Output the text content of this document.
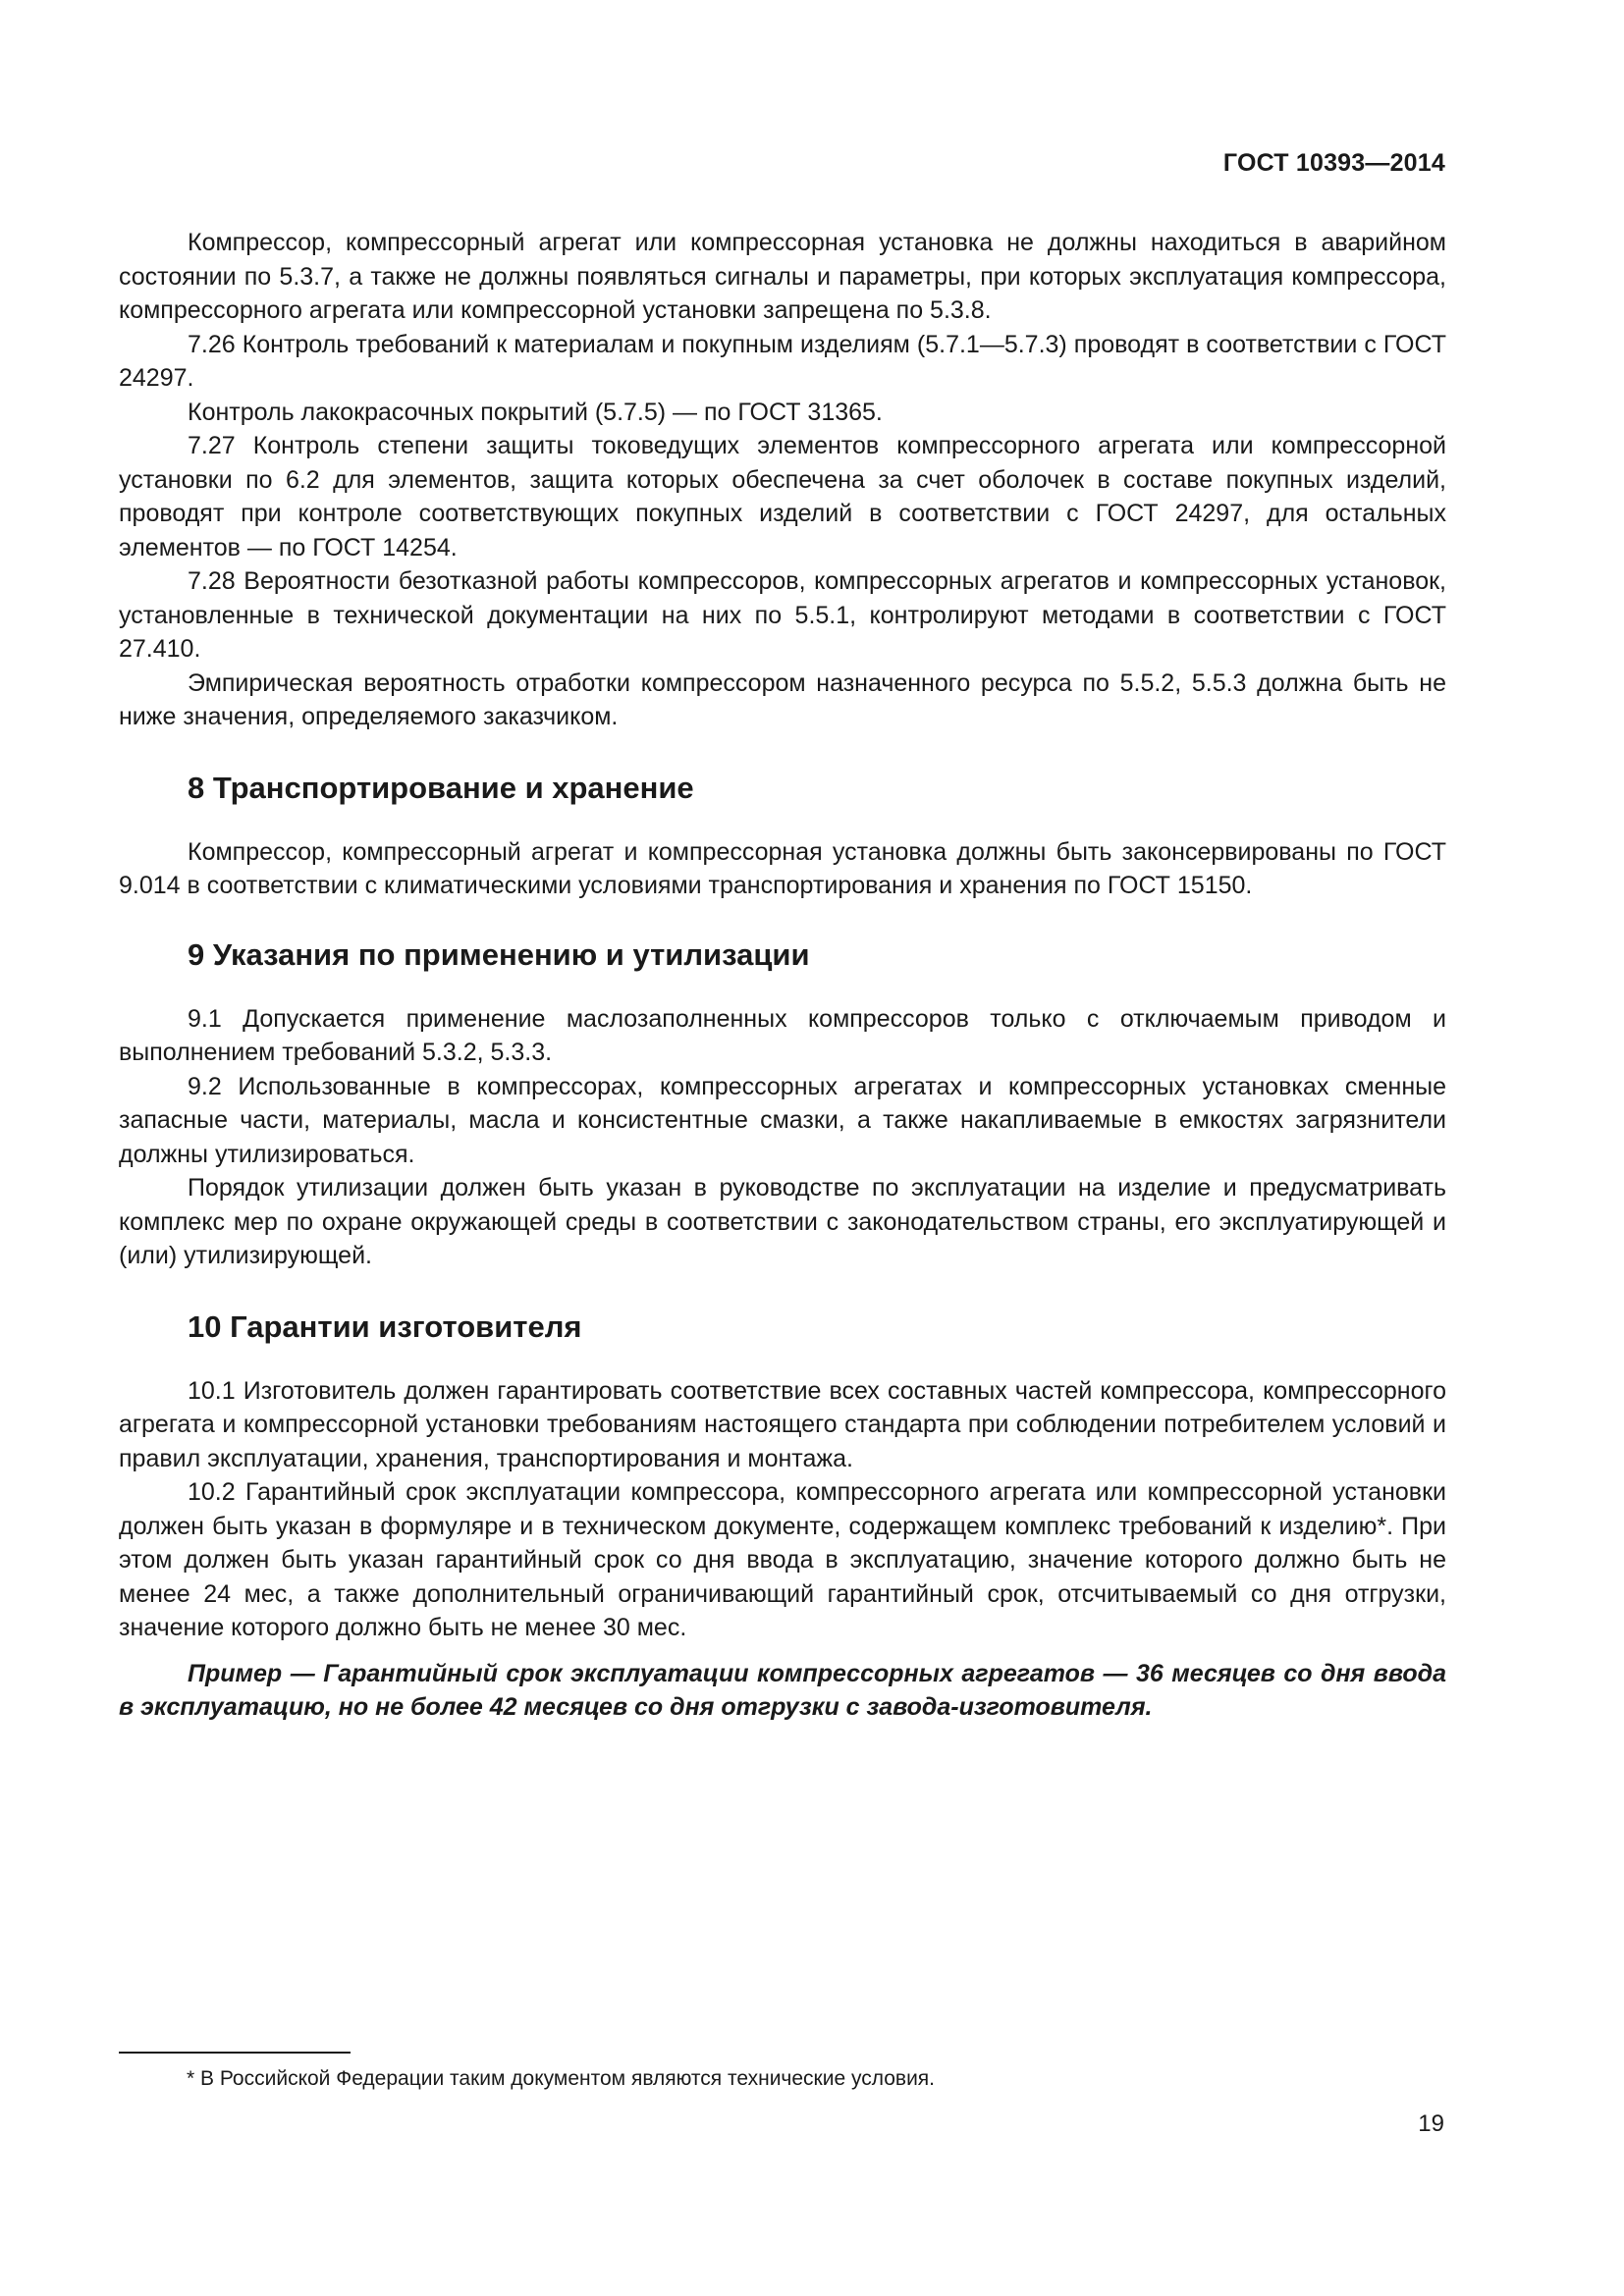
ГОСТ 10393—2014

Компрессор, компрессорный агрегат или компрессорная установка не должны находиться в аварийном состоянии по 5.3.7, а также не должны появляться сигналы и параметры, при которых эксплуатация компрессора, компрессорного агрегата или компрессорной установки запрещена по 5.3.8.

7.26 Контроль требований к материалам и покупным изделиям (5.7.1—5.7.3) проводят в соответствии с ГОСТ 24297.

Контроль лакокрасочных покрытий (5.7.5) — по ГОСТ 31365.

7.27 Контроль степени защиты токоведущих элементов компрессорного агрегата или компрессорной установки по 6.2 для элементов, защита которых обеспечена за счет оболочек в составе покупных изделий, проводят при контроле соответствующих покупных изделий в соответствии с ГОСТ 24297, для остальных элементов — по ГОСТ 14254.

7.28 Вероятности безотказной работы компрессоров, компрессорных агрегатов и компрессорных установок, установленные в технической документации на них по 5.5.1, контролируют методами в соответствии с ГОСТ 27.410.

Эмпирическая вероятность отработки компрессором назначенного ресурса по 5.5.2, 5.5.3 должна быть не ниже значения, определяемого заказчиком.

8 Транспортирование и хранение

Компрессор, компрессорный агрегат и компрессорная установка должны быть законсервированы по ГОСТ 9.014 в соответствии с климатическими условиями транспортирования и хранения по ГОСТ 15150.

9 Указания по применению и утилизации

9.1 Допускается применение маслозаполненных компрессоров только с отключаемым приводом и выполнением требований 5.3.2, 5.3.3.

9.2 Использованные в компрессорах, компрессорных агрегатах и компрессорных установках сменные запасные части, материалы, масла и консистентные смазки, а также накапливаемые в емкостях загрязнители должны утилизироваться.

Порядок утилизации должен быть указан в руководстве по эксплуатации на изделие и предусматривать комплекс мер по охране окружающей среды в соответствии с законодательством страны, его эксплуатирующей и (или) утилизирующей.

10 Гарантии изготовителя

10.1 Изготовитель должен гарантировать соответствие всех составных частей компрессора, компрессорного агрегата и компрессорной установки требованиям настоящего стандарта при соблюдении потребителем условий и правил эксплуатации, хранения, транспортирования и монтажа.

10.2 Гарантийный срок эксплуатации компрессора, компрессорного агрегата или компрессорной установки должен быть указан в формуляре и в техническом документе, содержащем комплекс требований к изделию*. При этом должен быть указан гарантийный срок со дня ввода в эксплуатацию, значение которого должно быть не менее 24 мес, а также дополнительный ограничивающий гарантийный срок, отсчитываемый со дня отгрузки, значение которого должно быть не менее 30 мес.

Пример — Гарантийный срок эксплуатации компрессорных агрегатов — 36 месяцев со дня ввода в эксплуатацию, но не более 42 месяцев со дня отгрузки с завода-изготовителя.

* В Российской Федерации таким документом являются технические условия.
19
